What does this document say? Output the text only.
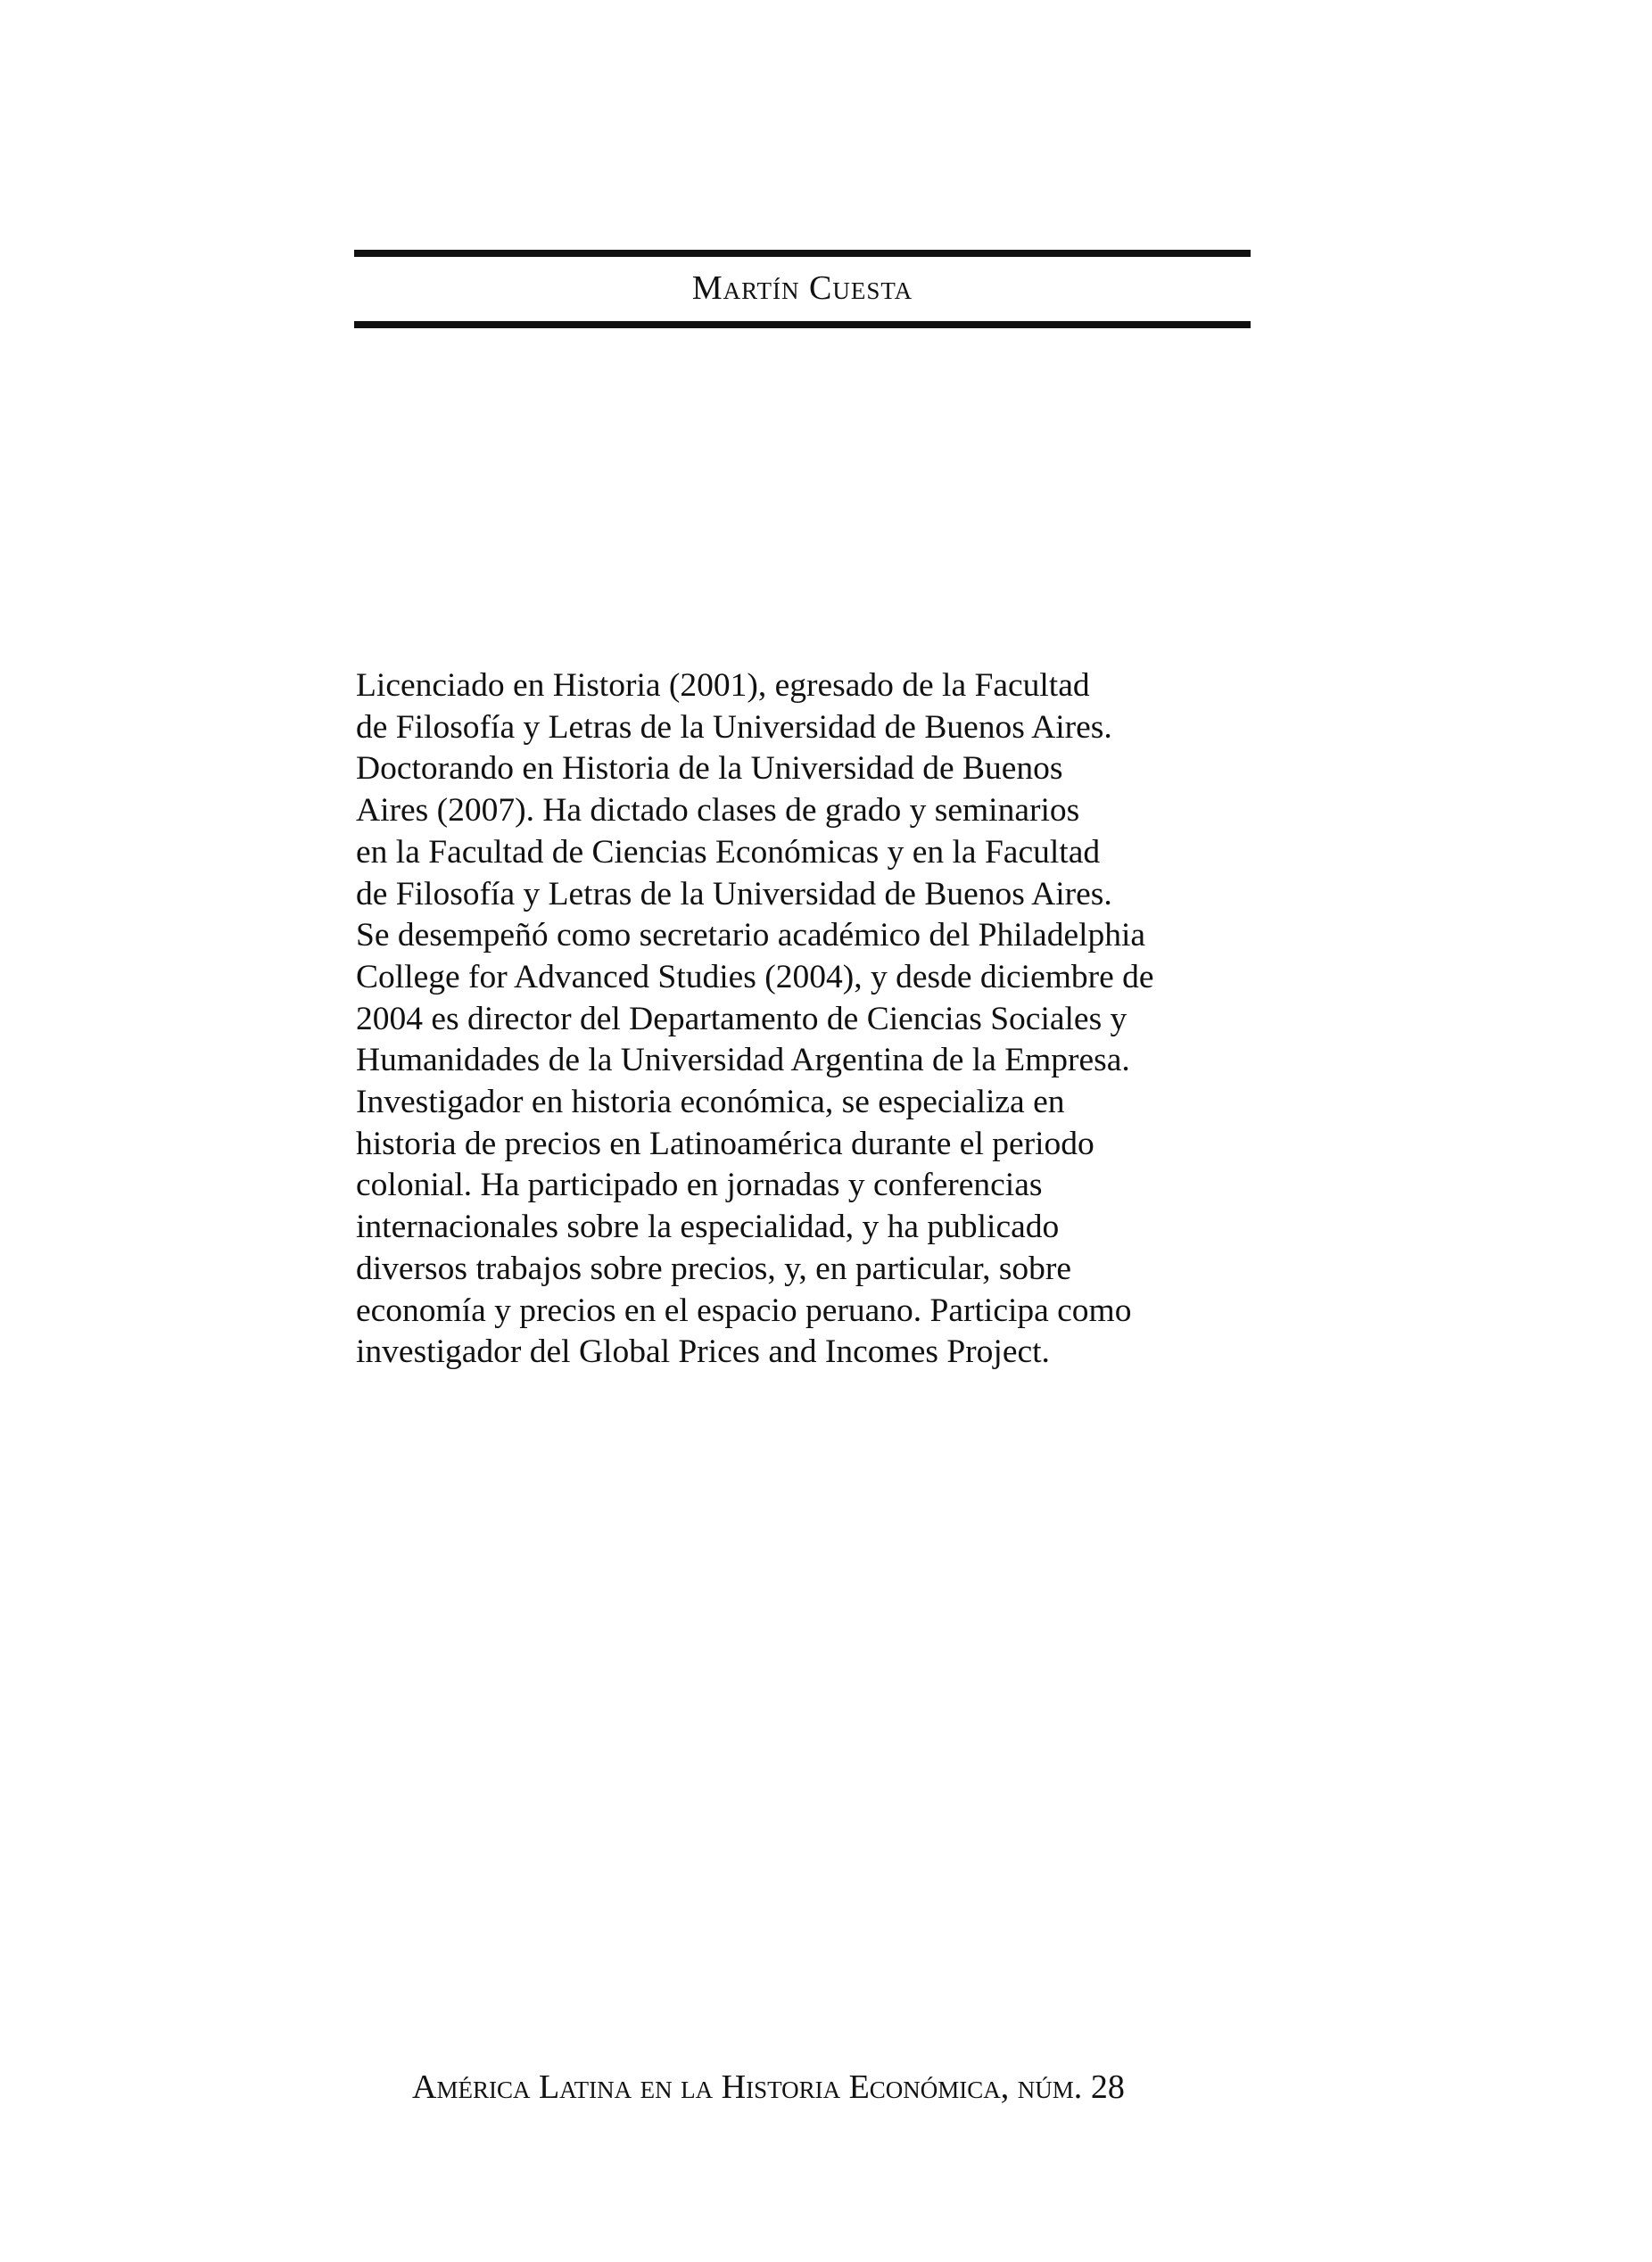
Martín Cuesta
Licenciado en Historia (2001), egresado de la Facultad
de Filosofía y Letras de la Universidad de Buenos Aires.
Doctorando en Historia de la Universidad de Buenos
Aires (2007). Ha dictado clases de grado y seminarios
en la Facultad de Ciencias Económicas y en la Facultad
de Filosofía y Letras de la Universidad de Buenos Aires.
Se desempeñó como secretario académico del Philadelphia
College for Advanced Studies (2004), y desde diciembre de
2004 es director del Departamento de Ciencias Sociales y
Humanidades de la Universidad Argentina de la Empresa.
Investigador en historia económica, se especializa en
historia de precios en Latinoamérica durante el periodo
colonial. Ha participado en jornadas y conferencias
internacionales sobre la especialidad, y ha publicado
diversos trabajos sobre precios, y, en particular, sobre
economía y precios en el espacio peruano. Participa como
investigador del Global Prices and Incomes Project.
América Latina en la Historia Económica, núm. 28
